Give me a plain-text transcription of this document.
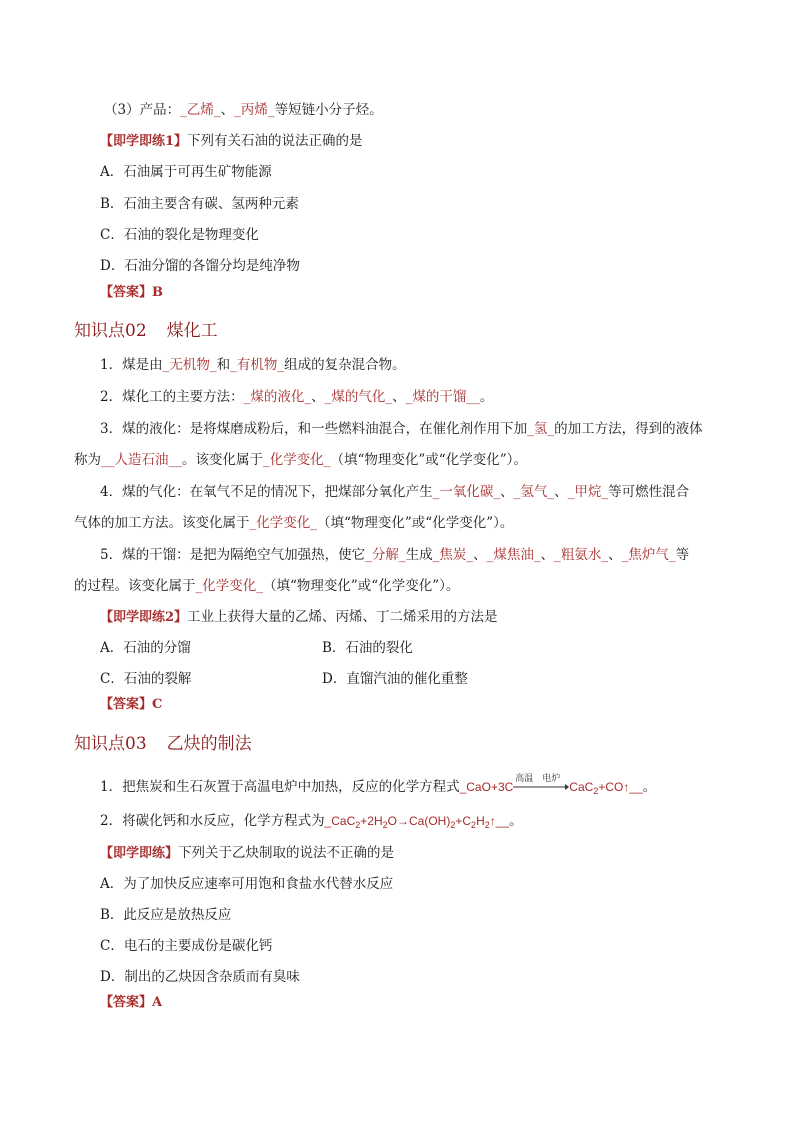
（3）产品：_乙烯_、_丙烯_等短链小分子烃。
【即学即练1】下列有关石油的说法正确的是
A．石油属于可再生矿物能源
B．石油主要含有碳、氢两种元素
C．石油的裂化是物理变化
D．石油分馏的各馏分均是纯净物
【答案】B
知识点02 煤化工
1．煤是由_无机物_和_有机物_组成的复杂混合物。
2．煤化工的主要方法：_煤的液化_、_煤的气化_、_煤的干馏__。
3．煤的液化：是将煤磨成粉后，和一些燃料油混合，在催化剂作用下加_氢_的加工方法，得到的液体
称为__人造石油__。该变化属于_化学变化_（填“物理变化”或“化学变化”）。
4．煤的气化：在氧气不足的情况下，把煤部分氧化产生_一氧化碳_、_氢气_、_甲烷_等可燃性混合
气体的加工方法。该变化属于_化学变化_（填“物理变化”或“化学变化”）。
5．煤的干馏：是把为隔绝空气加强热，使它_分解_生成_焦炭_、_煤焦油_、_粗氨水_、_焦炉气_等
的过程。该变化属于_化学变化_（填“物理变化”或“化学变化”）。
【即学即练2】工业上获得大量的乙烯、丙烯、丁二烯采用的方法是
A．石油的分馏	B．石油的裂化
C．石油的裂解	D．直馏汽油的催化重整
【答案】C
知识点03 乙炔的制法
1．把焦炭和生石灰置于高温电炉中加热，反应的化学方程式_CaO+3C
高温　电炉
CaC$_2$+CO↑__。
2．将碳化钙和水反应，化学方程式为$\_CaC_2+2H_2O\to Ca(OH)_2+C_2H_2↑\_\_$。
【即学即练】下列关于乙炔制取的说法不正确的是
A．为了加快反应速率可用饱和食盐水代替水反应
B．此反应是放热反应
C．电石的主要成份是碳化钙
D．制出的乙炔因含杂质而有臭味
【答案】A
